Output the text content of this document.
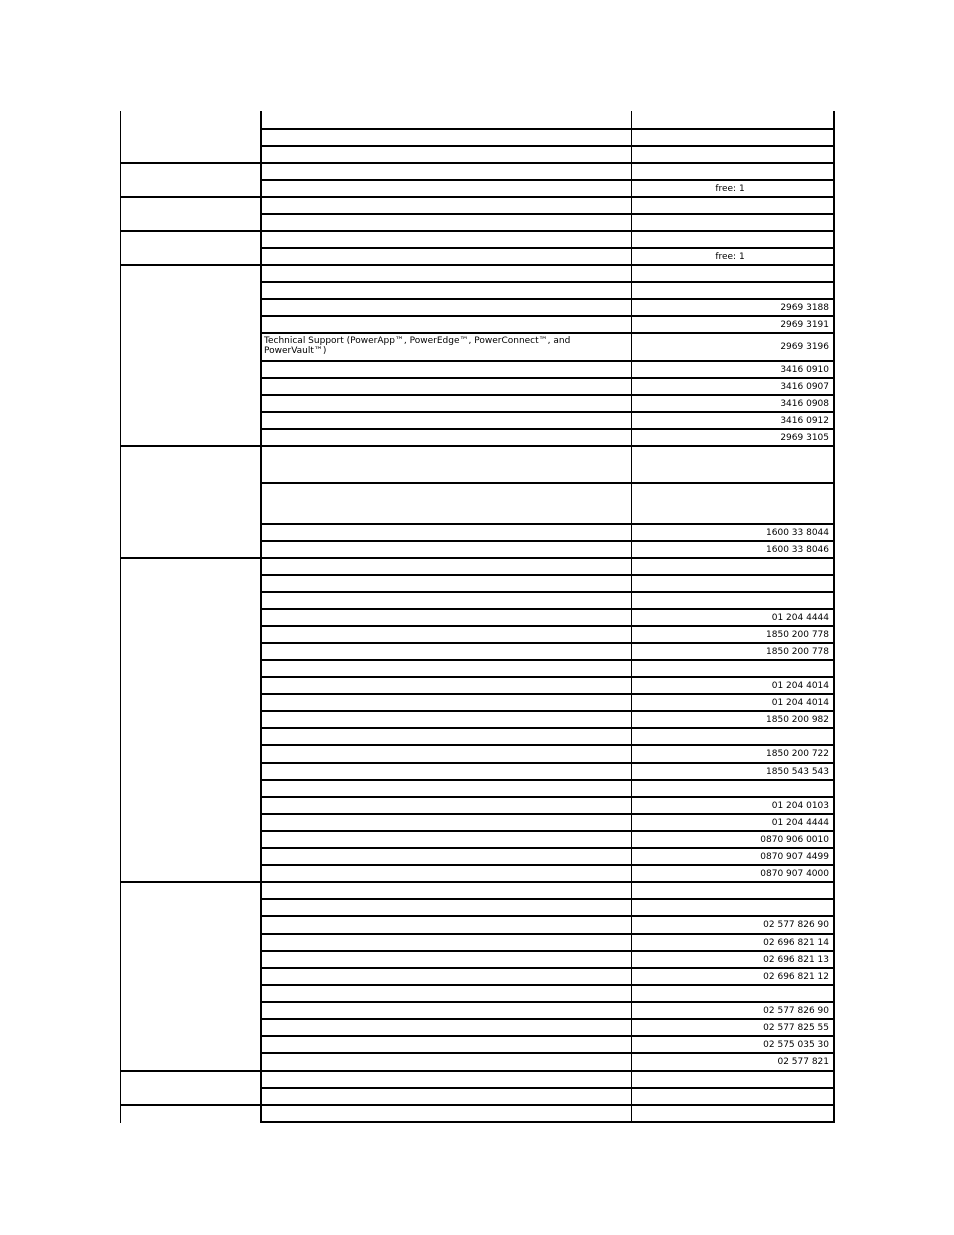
free: 1
free: 1
2969 3188
2969 3191
Technical Support (PowerApp™, PowerEdge™, PowerConnect™, and PowerVault™)	2969 3196
3416 0910
3416 0907
3416 0908
3416 0912
2969 3105
1600 33 8044
1600 33 8046
01 204 4444
1850 200 778
1850 200 778
01 204 4014
01 204 4014
1850 200 982
1850 200 722
1850 543 543
01 204 0103
01 204 4444
0870 906 0010
0870 907 4499
0870 907 4000
02 577 826 90
02 696 821 14
02 696 821 13
02 696 821 12
02 577 826 90
02 577 825 55
02 575 035 30
02 577 821
